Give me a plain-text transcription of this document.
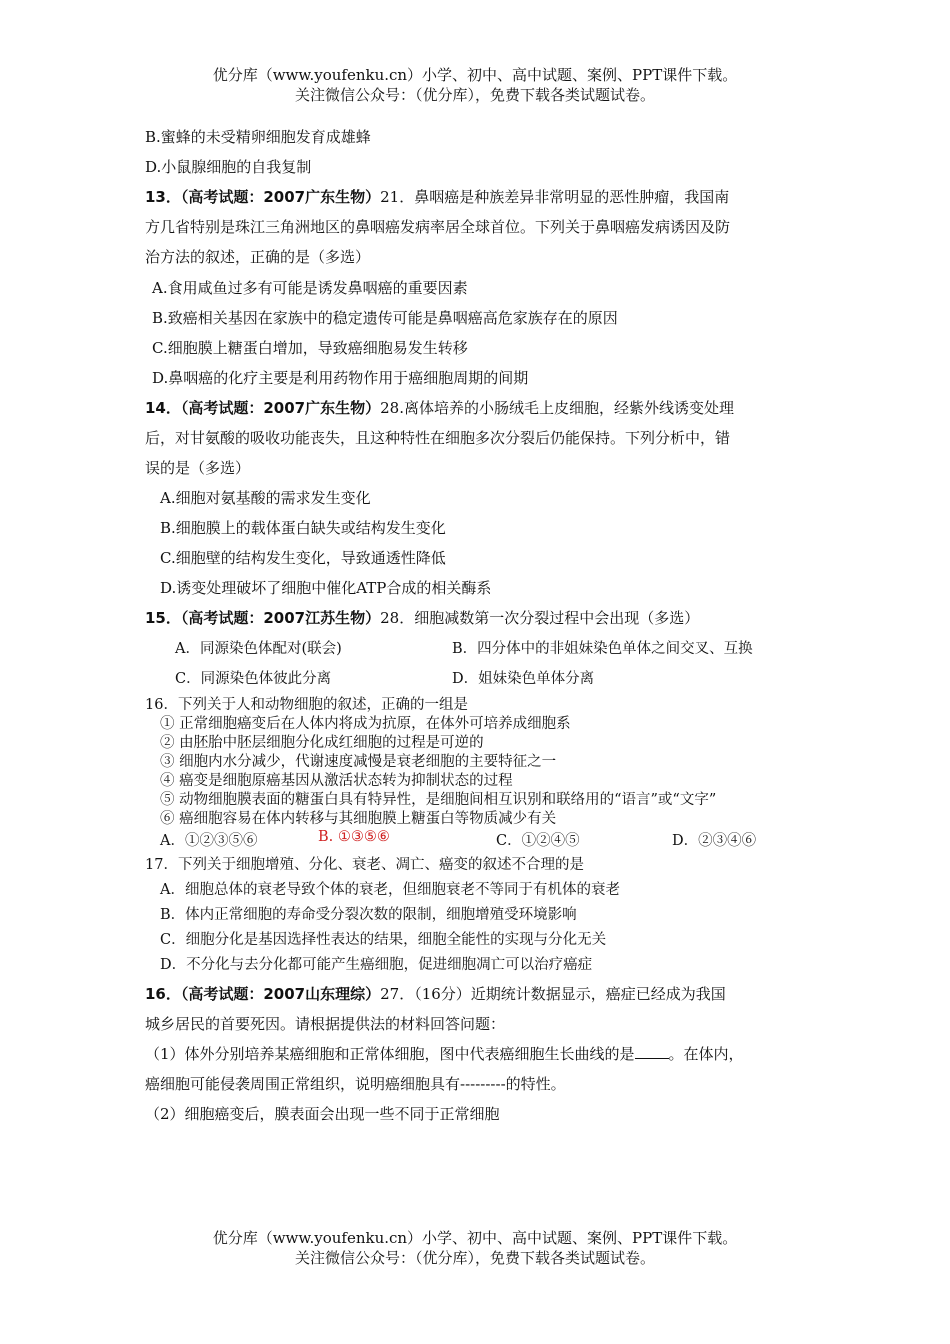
优分库（www.youfenku.cn）小学、初中、高中试题、案例、PPT课件下载。
关注微信公众号：（优分库），免费下载各类试题试卷。
B.蜜蜂的未受精卵细胞发育成雄蜂
D.小鼠腺细胞的自我复制
13．（高考试题：2007广东生物）21．鼻咽癌是种族差异非常明显的恶性肿瘤，我国南
方几省特别是珠江三角洲地区的鼻咽癌发病率居全球首位。下列关于鼻咽癌发病诱因及防
治方法的叙述，正确的是（多选）
A.食用咸鱼过多有可能是诱发鼻咽癌的重要因素
B.致癌相关基因在家族中的稳定遗传可能是鼻咽癌高危家族存在的原因
C.细胞膜上糖蛋白增加，导致癌细胞易发生转移
D.鼻咽癌的化疗主要是利用药物作用于癌细胞周期的间期
14．（高考试题：2007广东生物）28.离体培养的小肠绒毛上皮细胞，经紫外线诱变处理
后，对甘氨酸的吸收功能丧失，且这种特性在细胞多次分裂后仍能保持。下列分析中，错
误的是（多选）
A.细胞对氨基酸的需求发生变化
B.细胞膜上的载体蛋白缺失或结构发生变化
C.细胞壁的结构发生变化，导致通透性降低
D.诱变处理破坏了细胞中催化ATP合成的相关酶系
15．（高考试题：2007江苏生物）28．细胞减数第一次分裂过程中会出现（多选）
A．同源染色体配对(联会)	B．四分体中的非姐妹染色单体之间交叉、互换
C．同源染色体彼此分离	D．姐妹染色单体分离
16．下列关于人和动物细胞的叙述，正确的一组是
① 正常细胞癌变后在人体内将成为抗原，在体外可培养成细胞系
② 由胚胎中胚层细胞分化成红细胞的过程是可逆的
③ 细胞内水分减少，代谢速度减慢是衰老细胞的主要特征之一
④ 癌变是细胞原癌基因从激活状态转为抑制状态的过程
⑤ 动物细胞膜表面的糖蛋白具有特异性，是细胞间相互识别和联络用的“语言”或“文字”
⑥ 癌细胞容易在体内转移与其细胞膜上糖蛋白等物质减少有关
A．①②③⑤⑥	B. ①③⑤⑥	C．①②④⑤	D．②③④⑥
17．下列关于细胞增殖、分化、衰老、凋亡、癌变的叙述不合理的是
A．细胞总体的衰老导致个体的衰老，但细胞衰老不等同于有机体的衰老
B．体内正常细胞的寿命受分裂次数的限制，细胞增殖受环境影响
C．细胞分化是基因选择性表达的结果，细胞全能性的实现与分化无关
D．不分化与去分化都可能产生癌细胞，促进细胞凋亡可以治疗癌症
16．（高考试题：2007山东理综）27．（16分）近期统计数据显示，癌症已经成为我国
城乡居民的首要死因。请根据提供法的材料回答问题：
（1）体外分别培养某癌细胞和正常体细胞，图中代表癌细胞生长曲线的是 。在体内，
癌细胞可能侵袭周围正常组织，说明癌细胞具有---------的特性。
（2）细胞癌变后，膜表面会出现一些不同于正常细胞
优分库（www.youfenku.cn）小学、初中、高中试题、案例、PPT课件下载。
关注微信公众号：（优分库），免费下载各类试题试卷。
